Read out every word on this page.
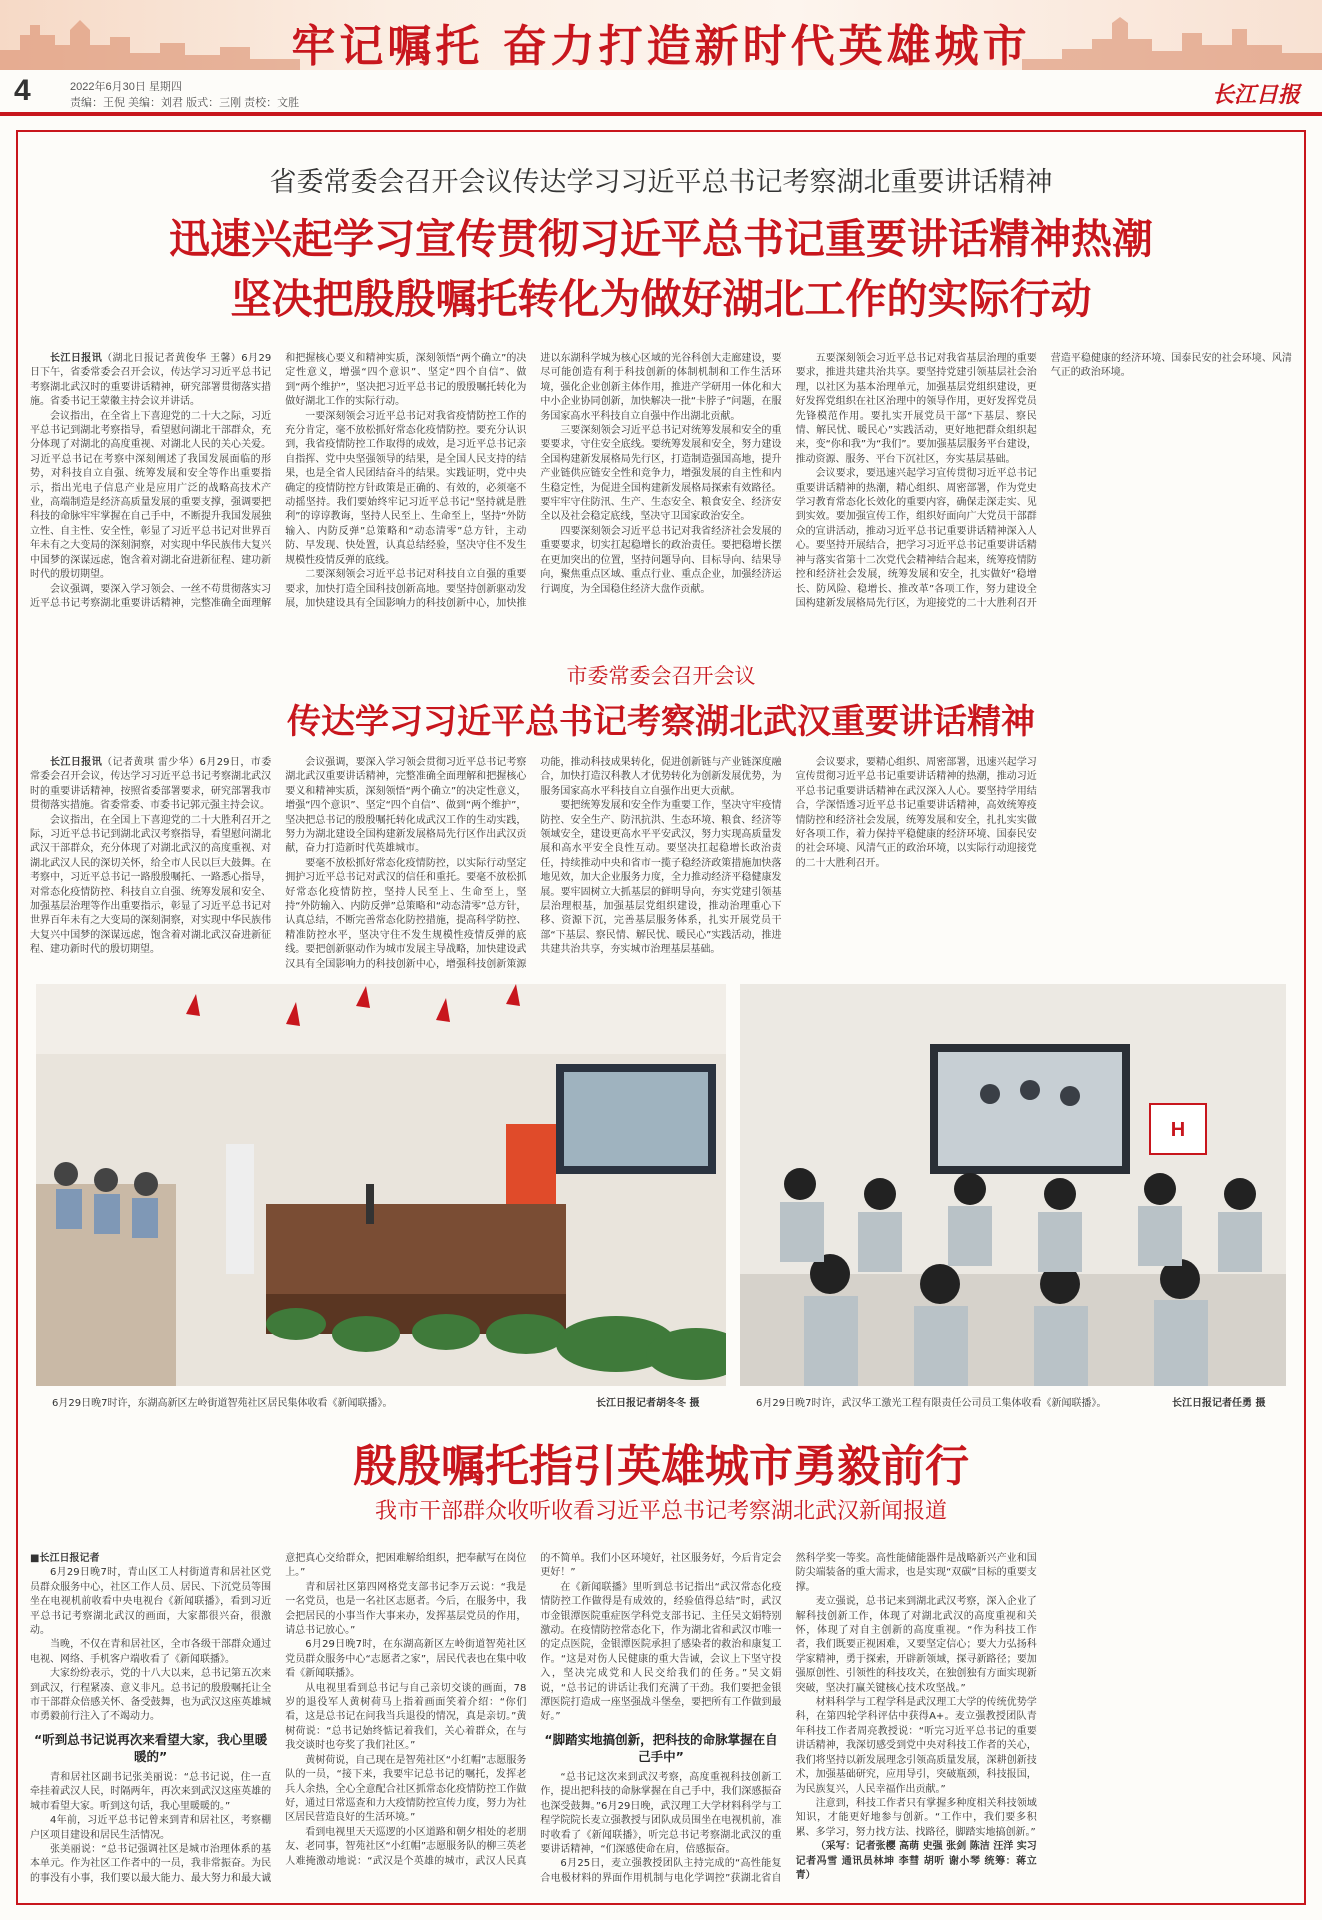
牢记嘱托 奋力打造新时代英雄城市
4	2022年6月30日 星期四
责编：王倪 美编：刘君 版式：三刚 责校：文胜	长江日报
省委常委会召开会议传达学习习近平总书记考察湖北重要讲话精神
迅速兴起学习宣传贯彻习近平总书记重要讲话精神热潮
坚决把殷殷嘱托转化为做好湖北工作的实际行动

长江日报讯（湖北日报记者黄俊华 王馨）6月29日下午，省委常委会召开会议，传达学习习近平总书记考察湖北武汉时的重要讲话精神，研究部署贯彻落实措施。省委书记王蒙徽主持会议并讲话。

会议指出，在全省上下喜迎党的二十大之际，习近平总书记到湖北考察指导，看望慰问湖北干部群众，充分体现了对湖北的高度重视、对湖北人民的关心关爱。习近平总书记在考察中深刻阐述了我国发展面临的形势，对科技自立自强、统筹发展和安全等作出重要指示，指出光电子信息产业是应用广泛的战略高技术产业，高端制造是经济高质量发展的重要支撑，强调要把科技的命脉牢牢掌握在自己手中，不断提升我国发展独立性、自主性、安全性，彰显了习近平总书记对世界百年未有之大变局的深刻洞察，对实现中华民族伟大复兴中国梦的深谋远虑，饱含着对湖北奋进新征程、建功新时代的殷切期望。

会议强调，要深入学习领会、一丝不苟贯彻落实习近平总书记考察湖北重要讲话精神，完整准确全面理解和把握核心要义和精神实质，深刻领悟“两个确立”的决定性意义，增强“四个意识”、坚定“四个自信”、做到“两个维护”，坚决把习近平总书记的殷殷嘱托转化为做好湖北工作的实际行动。

一要深刻领会习近平总书记对我省疫情防控工作的充分肯定，毫不放松抓好常态化疫情防控。要充分认识到，我省疫情防控工作取得的成效，是习近平总书记亲自指挥、党中央坚强领导的结果，是全国人民支持的结果，也是全省人民团结奋斗的结果。实践证明，党中央确定的疫情防控方针政策是正确的、有效的，必须毫不动摇坚持。我们要始终牢记习近平总书记“坚持就是胜利”的谆谆教诲，坚持人民至上、生命至上，坚持“外防输入、内防反弹”总策略和“动态清零”总方针，主动防、早发现、快处置，认真总结经验，坚决守住不发生规模性疫情反弹的底线。

二要深刻领会习近平总书记对科技自立自强的重要要求，加快打造全国科技创新高地。要坚持创新驱动发展，加快建设具有全国影响力的科技创新中心，加快推进以东湖科学城为核心区域的光谷科创大走廊建设，要尽可能创造有利于科技创新的体制机制和工作生活环境，强化企业创新主体作用，推进产学研用一体化和大中小企业协同创新，加快解决一批“卡脖子”问题，在服务国家高水平科技自立自强中作出湖北贡献。

三要深刻领会习近平总书记对统筹发展和安全的重要要求，守住安全底线。要统筹发展和安全，努力建设全国构建新发展格局先行区，打造制造强国高地，提升产业链供应链安全性和竞争力，增强发展的自主性和内生稳定性，为促进全国构建新发展格局探索有效路径。要牢牢守住防汛、生产、生态安全、粮食安全、经济安全以及社会稳定底线，坚决守卫国家政治安全。

四要深刻领会习近平总书记对我省经济社会发展的重要要求，切实扛起稳增长的政治责任。要把稳增长摆在更加突出的位置，坚持问题导向、目标导向、结果导向，聚焦重点区域、重点行业、重点企业，加强经济运行调度，为全国稳住经济大盘作贡献。

五要深刻领会习近平总书记对我省基层治理的重要要求，推进共建共治共享。要坚持党建引领基层社会治理，以社区为基本治理单元，加强基层党组织建设，更好发挥党组织在社区治理中的领导作用，更好发挥党员先锋模范作用。要扎实开展党员干部“下基层、察民情、解民忧、暖民心”实践活动，更好地把群众组织起来，变“你和我”为“我们”。要加强基层服务平台建设，推动资源、服务、平台下沉社区，夯实基层基础。

会议要求，要迅速兴起学习宣传贯彻习近平总书记重要讲话精神的热潮，精心组织、周密部署，作为党史学习教育常态化长效化的重要内容，确保走深走实、见到实效。要加强宣传工作，组织好面向广大党员干部群众的宣讲活动，推动习近平总书记重要讲话精神深入人心。要坚持开展结合，把学习习近平总书记重要讲话精神与落实省第十二次党代会精神结合起来，统筹疫情防控和经济社会发展，统筹发展和安全，扎实做好“稳增长、防风险、稳增长、推改革”各项工作，努力建设全国构建新发展格局先行区，为迎接党的二十大胜利召开营造平稳健康的经济环境、国泰民安的社会环境、风清气正的政治环境。

市委常委会召开会议
传达学习习近平总书记考察湖北武汉重要讲话精神

长江日报讯（记者黄琪 雷少华）6月29日，市委常委会召开会议，传达学习习近平总书记考察湖北武汉时的重要讲话精神，按照省委部署要求，研究部署我市贯彻落实措施。省委常委、市委书记郭元强主持会议。

会议指出，在全国上下喜迎党的二十大胜利召开之际，习近平总书记到湖北武汉考察指导，看望慰问湖北武汉干部群众，充分体现了对湖北武汉的高度重视、对湖北武汉人民的深切关怀，给全市人民以巨大鼓舞。在考察中，习近平总书记一路殷殷嘱托、一路悉心指导，对常态化疫情防控、科技自立自强、统筹发展和安全、加强基层治理等作出重要指示，彰显了习近平总书记对世界百年未有之大变局的深刻洞察，对实现中华民族伟大复兴中国梦的深谋远虑，饱含着对湖北武汉奋进新征程、建功新时代的殷切期望。

会议强调，要深入学习领会贯彻习近平总书记考察湖北武汉重要讲话精神，完整准确全面理解和把握核心要义和精神实质，深刻领悟“两个确立”的决定性意义，增强“四个意识”、坚定“四个自信”、做到“两个维护”，坚决把总书记的殷殷嘱托转化成武汉工作的生动实践，努力为湖北建设全国构建新发展格局先行区作出武汉贡献，奋力打造新时代英雄城市。

要毫不放松抓好常态化疫情防控，以实际行动坚定拥护习近平总书记对武汉的信任和重托。要毫不放松抓好常态化疫情防控，坚持人民至上、生命至上，坚持“外防输入、内防反弹”总策略和“动态清零”总方针，认真总结，不断完善常态化防控措施，提高科学防控、精准防控水平，坚决守住不发生规模性疫情反弹的底线。要把创新驱动作为城市发展主导战略，加快建设武汉具有全国影响力的科技创新中心，增强科技创新策源功能，推动科技成果转化，促进创新链与产业链深度融合，加快打造汉科教人才优势转化为创新发展优势，为服务国家高水平科技自立自强作出更大贡献。

要把统筹发展和安全作为重要工作，坚决守牢疫情防控、安全生产、防汛抗洪、生态环境、粮食、经济等领域安全，建设更高水平平安武汉，努力实现高质量发展和高水平安全良性互动。要坚决扛起稳增长政治责任，持续推动中央和省市一揽子稳经济政策措施加快落地见效，加大企业服务力度，全力推动经济平稳健康发展。要牢固树立大抓基层的鲜明导向，夯实党建引领基层治理根基，加强基层党组织建设，推动治理重心下移、资源下沉，完善基层服务体系，扎实开展党员干部“下基层、察民情、解民忧、暖民心”实践活动，推进共建共治共享，夯实城市治理基层基础。

会议要求，要精心组织、周密部署，迅速兴起学习宣传贯彻习近平总书记重要讲话精神的热潮，推动习近平总书记重要讲话精神在武汉深入人心。要坚持学用结合，学深悟透习近平总书记重要讲话精神，高效统筹疫情防控和经济社会发展，统筹发展和安全，扎扎实实做好各项工作，着力保持平稳健康的经济环境、国泰民安的社会环境、风清气正的政治环境，以实际行动迎接党的二十大胜利召开。

H
6月29日晚7时许，东湖高新区左岭街道智苑社区居民集体收看《新闻联播》。	长江日报记者胡冬冬 摄	6月29日晚7时许，武汉华工激光工程有限责任公司员工集体收看《新闻联播》。	长江日报记者任勇 摄
殷殷嘱托指引英雄城市勇毅前行
我市干部群众收听收看习近平总书记考察湖北武汉新闻报道

■长江日报记者

6月29日晚7时，青山区工人村街道青和居社区党员群众服务中心，社区工作人员、居民、下沉党员等围坐在电视机前收看中央电视台《新闻联播》，看到习近平总书记考察湖北武汉的画面，大家都很兴奋，很激动。

当晚，不仅在青和居社区，全市各级干部群众通过电视、网络、手机客户端收看了《新闻联播》。

大家纷纷表示，党的十八大以来，总书记第五次来到武汉，行程紧凑、意义非凡。总书记的殷殷嘱托让全市干部群众倍感关怀、备受鼓舞，也为武汉这座英雄城市勇毅前行注入了不竭动力。

“听到总书记说再次来看望大家，我心里暖暖的”

青和居社区副书记张美丽说：“总书记说，住一直牵挂着武汉人民，时隔两年，再次来到武汉这座英雄的城市看望大家。听到这句话，我心里暖暖的。”

4年前，习近平总书记曾来到青和居社区，考察棚户区项目建设和居民生活情况。

张美丽说：“总书记强调社区是城市治理体系的基本单元。作为社区工作者中的一员，我非常振奋。为民的事没有小事，我们要以最大能力、最大努力和最大诚意把真心交给群众，把困难解给组织，把奉献写在岗位上。”

青和居社区第四网格党支部书记李万云说：“我是一名党员，也是一名社区志愿者。今后，在服务中，我会把居民的小事当作大事来办，发挥基层党员的作用，请总书记放心。”

6月29日晚7时，在东湖高新区左岭街道智苑社区党员群众服务中心“志愿者之家”，居民代表也在集中收看《新闻联播》。

从电视里看到总书记与自己亲切交谈的画面，78岁的退役军人黄树荷马上指着画面笑着介绍：“你们看，这是总书记在问我当兵退役的情况，真是亲切。”黄树荷说：“总书记始终惦记着我们，关心着群众，在与我交谈时也夸奖了我们社区。”

黄树荷说，自己现在是智苑社区“小红帽”志愿服务队的一员，“接下来，我要牢记总书记的嘱托，发挥老兵人余热，全心全意配合社区抓常态化疫情防控工作做好，通过日常巡查和力大疫情防控宣传力度，努力为社区居民营造良好的生活环境。”

看到电视里天天巡逻的小区道路和朝夕相处的老朋友、老同事，智苑社区“小红帽”志愿服务队的柳三英老人难掩激动地说：“武汉是个英雄的城市，武汉人民真的不简单。我们小区环境好，社区服务好，今后肯定会更好！”

在《新闻联播》里听到总书记指出“武汉常态化疫情防控工作做得是有成效的，经验值得总结”时，武汉市金银潭医院重症医学科党支部书记、主任吴文娟特别激动。在疫情防控常态化下，作为湖北省和武汉市唯一的定点医院，金银潭医院承担了感染者的救治和康复工作。“这是对伤人民健康的重大告诫，会议上下坚守投入，坚决完成党和人民交给我们的任务。”吴文娟说，“总书记的讲话让我们充满了干劲。我们要把金银潭医院打造成一座坚强战斗堡垒，要把所有工作做到最好。”

“脚踏实地搞创新，把科技的命脉掌握在自己手中”

“总书记这次来到武汉考察，高度重视科技创新工作，提出把科技的命脉掌握在自己手中，我们深感振奋也深受鼓舞。”6月29日晚，武汉理工大学材料科学与工程学院院长麦立强教授与团队成员围坐在电视机前，准时收看了《新闻联播》，听完总书记考察湖北武汉的重要讲话精神，“们深感使命在肩，倍感振奋。

6月25日，麦立强教授团队主持完成的“高性能复合电极材料的界面作用机制与电化学调控”获湖北省自然科学奖一等奖。高性能储能器件是战略新兴产业和国防尖端装备的重大需求，也是实现“双碳”目标的重要支撑。

麦立强说，总书记来到湖北武汉考察，深入企业了解科技创新工作，体现了对湖北武汉的高度重视和关怀，体现了对自主创新的高度重视。“作为科技工作者，我们既要正视困难，又要坚定信心；要大力弘扬科学家精神，勇于探索，开辟新领域，探寻新路径；要加强原创性、引领性的科技攻关，在独创独有方面实现新突破，坚决打赢关键核心技术攻坚战。”

材料科学与工程学科是武汉理工大学的传统优势学科，在第四轮学科评估中获得A+。麦立强教授团队青年科技工作者周亮教授说：“听完习近平总书记的重要讲话精神，我深切感受到党中央对科技工作者的关心，我们将坚持以新发展理念引领高质量发展，深耕创新技术，加强基础研究，应用导引，突破瓶颈，科技报国，为民族复兴，人民幸福作出贡献。”

注意到，科技工作者只有掌握多种度相关科技领域知识，才能更好地参与创新。“工作中，我们要多积累、多学习，努力找方法、找路径，脚踏实地搞创新。”

（采写：记者张樱 高萌 史强 张剑 陈洁 汪洋 实习记者冯雪 通讯员林坤 李彗 胡听 谢小琴 统筹：蒋立青）
